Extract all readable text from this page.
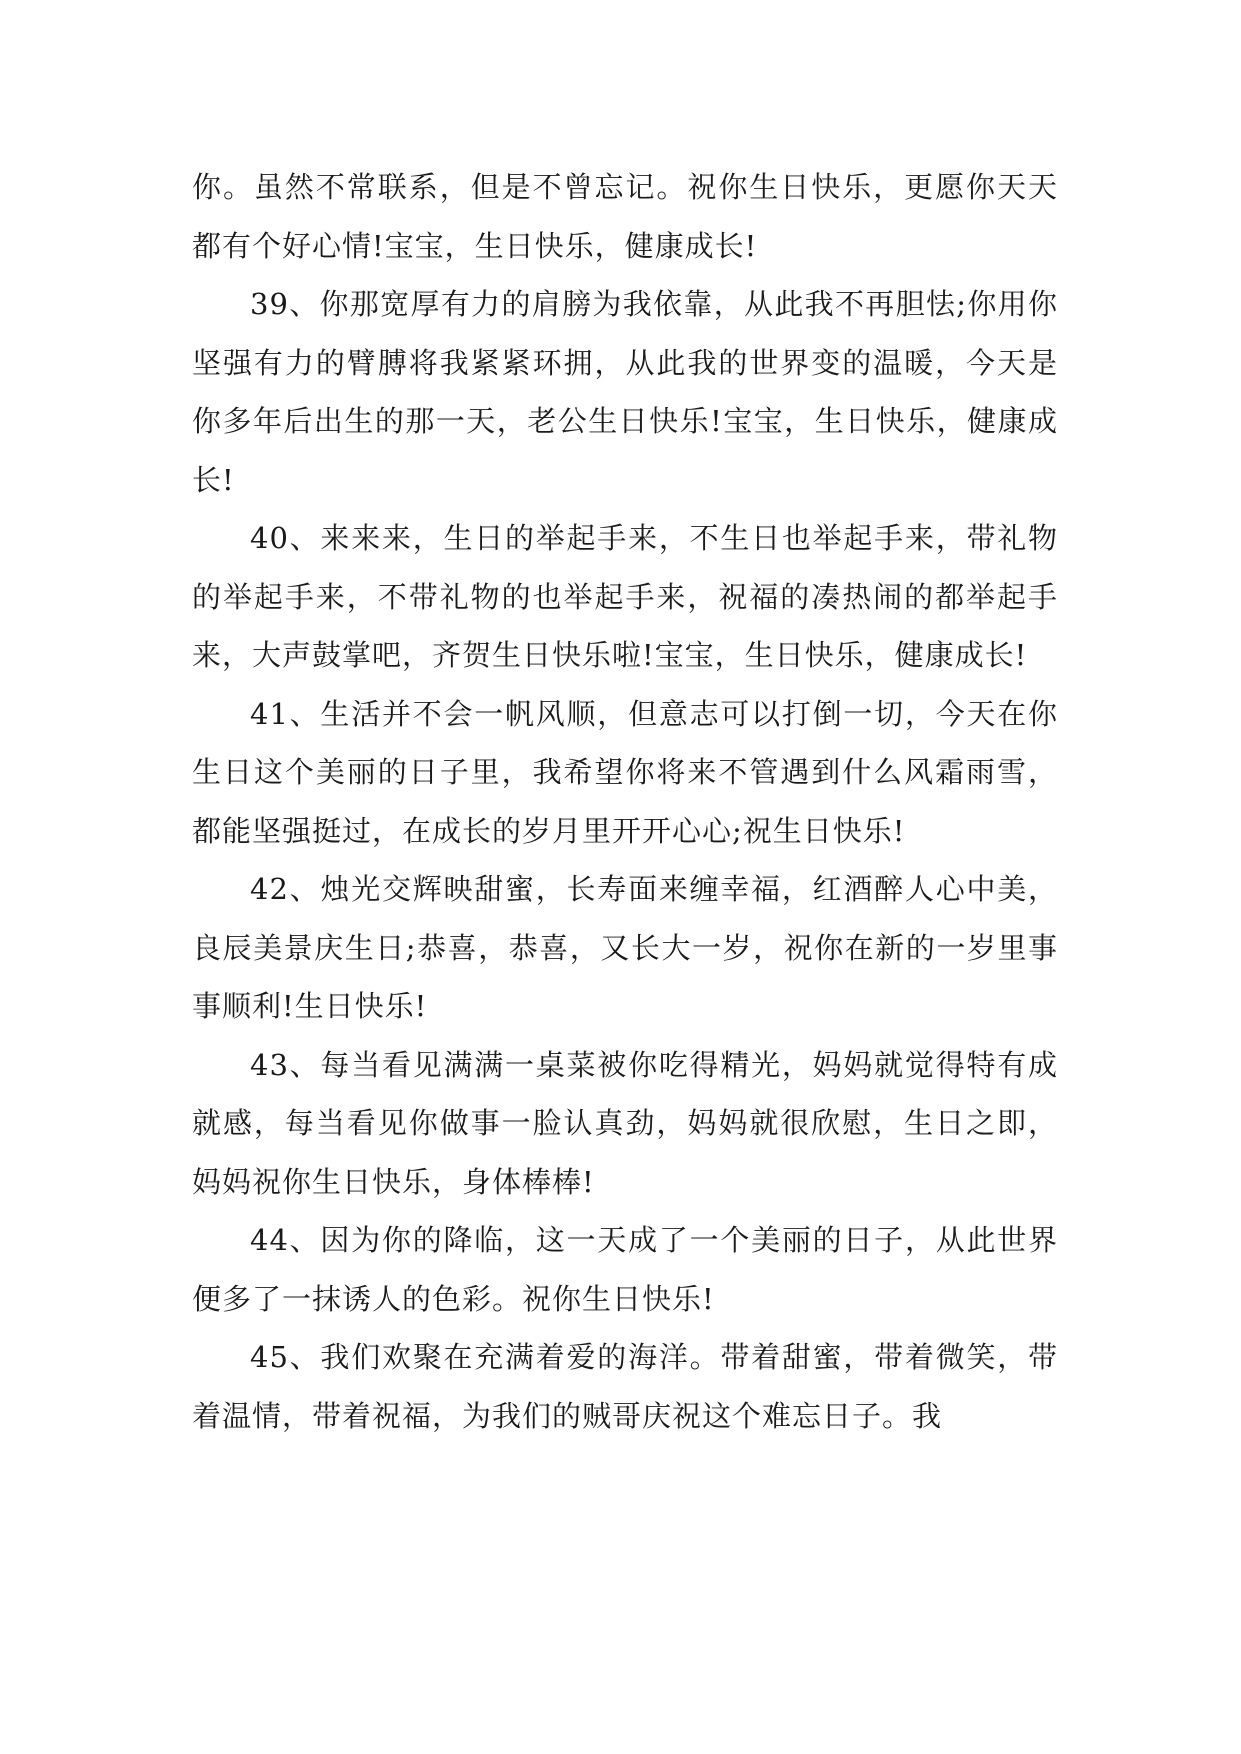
你。虽然不常联系，但是不曾忘记。祝你生日快乐，更愿你天天都有个好心情!宝宝，生日快乐，健康成长!

39、你那宽厚有力的肩膀为我依靠，从此我不再胆怯;你用你坚强有力的臂膊将我紧紧环拥，从此我的世界变的温暖，今天是你多年后出生的那一天，老公生日快乐!宝宝，生日快乐，健康成长!

40、来来来，生日的举起手来，不生日也举起手来，带礼物的举起手来，不带礼物的也举起手来，祝福的凑热闹的都举起手来，大声鼓掌吧，齐贺生日快乐啦!宝宝，生日快乐，健康成长!

41、生活并不会一帆风顺，但意志可以打倒一切，今天在你生日这个美丽的日子里，我希望你将来不管遇到什么风霜雨雪，都能坚强挺过，在成长的岁月里开开心心;祝生日快乐!

42、烛光交辉映甜蜜，长寿面来缠幸福，红酒醉人心中美，良辰美景庆生日;恭喜，恭喜，又长大一岁，祝你在新的一岁里事事顺利!生日快乐!

43、每当看见满满一桌菜被你吃得精光，妈妈就觉得特有成就感，每当看见你做事一脸认真劲，妈妈就很欣慰，生日之即，妈妈祝你生日快乐，身体棒棒!

44、因为你的降临，这一天成了一个美丽的日子，从此世界便多了一抹诱人的色彩。祝你生日快乐!

45、我们欢聚在充满着爱的海洋。带着甜蜜，带着微笑，带着温情，带着祝福，为我们的贼哥庆祝这个难忘日子。我
